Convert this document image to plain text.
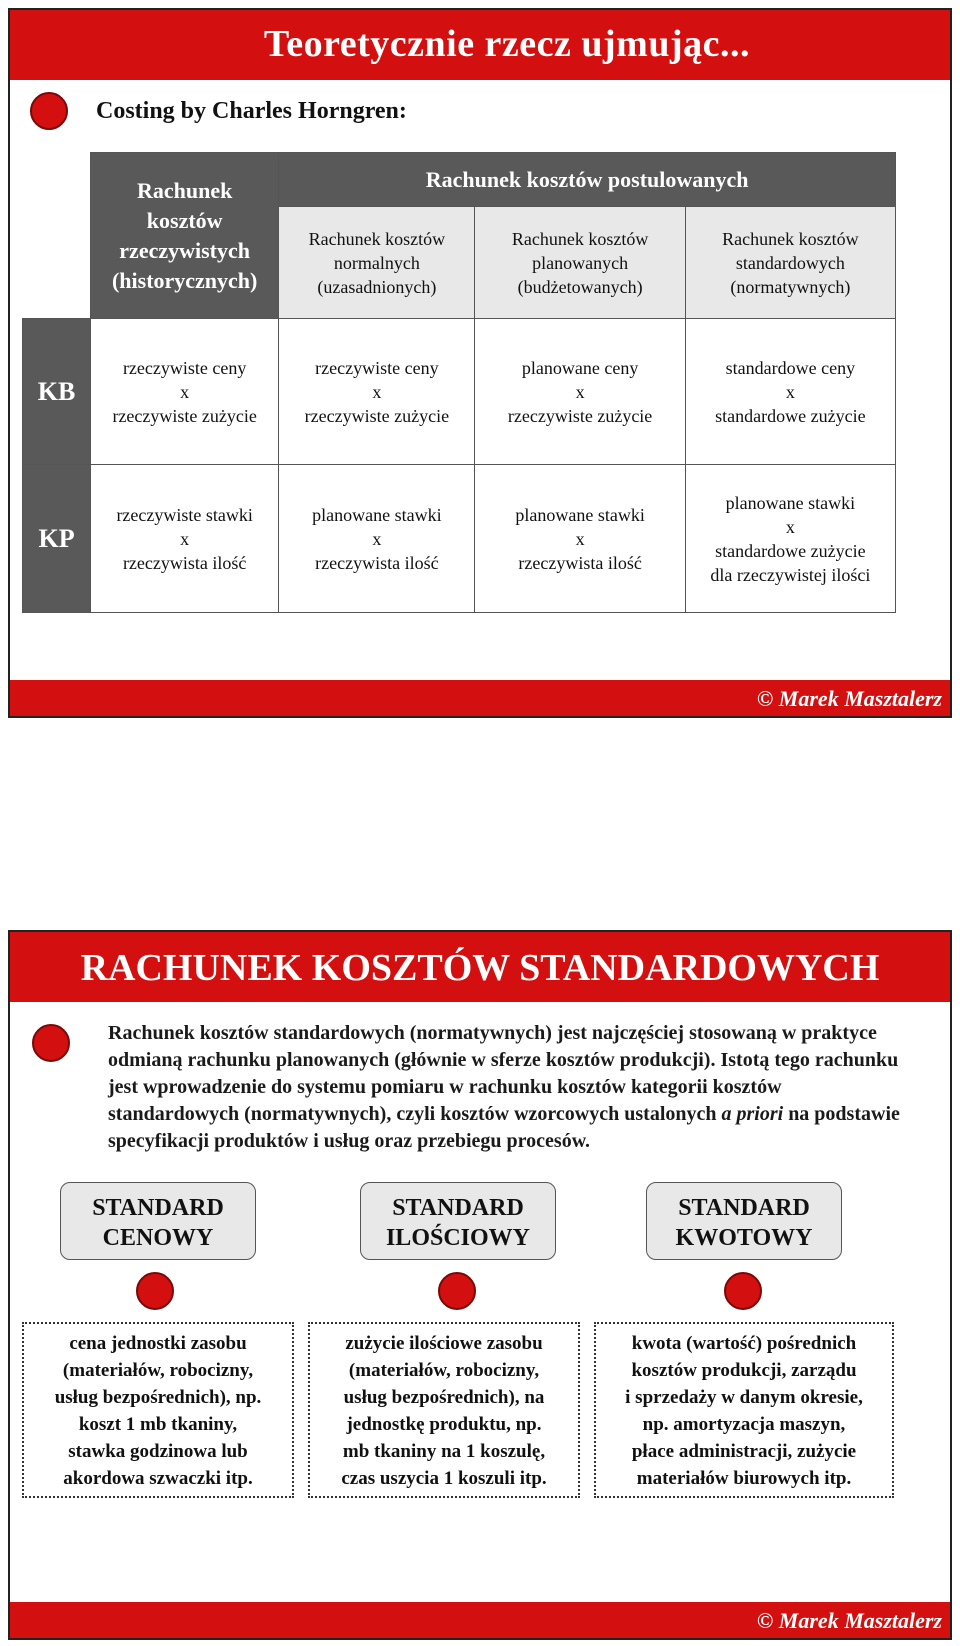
Teoretycznie rzecz ujmując...
Costing by Charles Horngren:

	Rachunek
kosztów
rzeczywistych
(historycznych)	Rachunek kosztów postulowanych		

		Rachunek kosztów
normalnych
(uzasadnionych)	Rachunek kosztów
planowanych
(budżetowanych)	Rachunek kosztów
standardowych
(normatywnych)

KB	rzeczywiste ceny
x
rzeczywiste zużycie	rzeczywiste ceny
x
rzeczywiste zużycie	planowane ceny
x
rzeczywiste zużycie	standardowe ceny
x
standardowe zużycie

KP	rzeczywiste stawki
x
rzeczywista ilość	planowane stawki
x
rzeczywista ilość	planowane stawki
x
rzeczywista ilość	planowane stawki
x
standardowe zużycie
dla rzeczywistej ilości
© Marek Masztalerz
RACHUNEK KOSZTÓW STANDARDOWYCH
Rachunek kosztów standardowych (normatywnych) jest najczęściej stosowaną w praktyce odmianą rachunku planowanych (głównie w sferze kosztów produkcji). Istotą tego rachunku jest wprowadzenie do systemu pomiaru w rachunku kosztów kategorii kosztów standardowych (normatywnych), czyli kosztów wzorcowych ustalonych a priori na podstawie specyfikacji produktów i usług oraz przebiegu procesów.
STANDARD
CENOWY
STANDARD
ILOŚCIOWY
STANDARD
KWOTOWY
cena jednostki zasobu
(materiałów, robocizny,
usług bezpośrednich), np.
koszt 1 mb tkaniny,
stawka godzinowa lub
akordowa szwaczki itp.
zużycie ilościowe zasobu
(materiałów, robocizny,
usług bezpośrednich), na
jednostkę produktu, np.
mb tkaniny na 1 koszulę,
czas uszycia 1 koszuli itp.
kwota (wartość) pośrednich
kosztów produkcji, zarządu
i sprzedaży w danym okresie,
np. amortyzacja maszyn,
płace administracji, zużycie
materiałów biurowych itp.
© Marek Masztalerz
